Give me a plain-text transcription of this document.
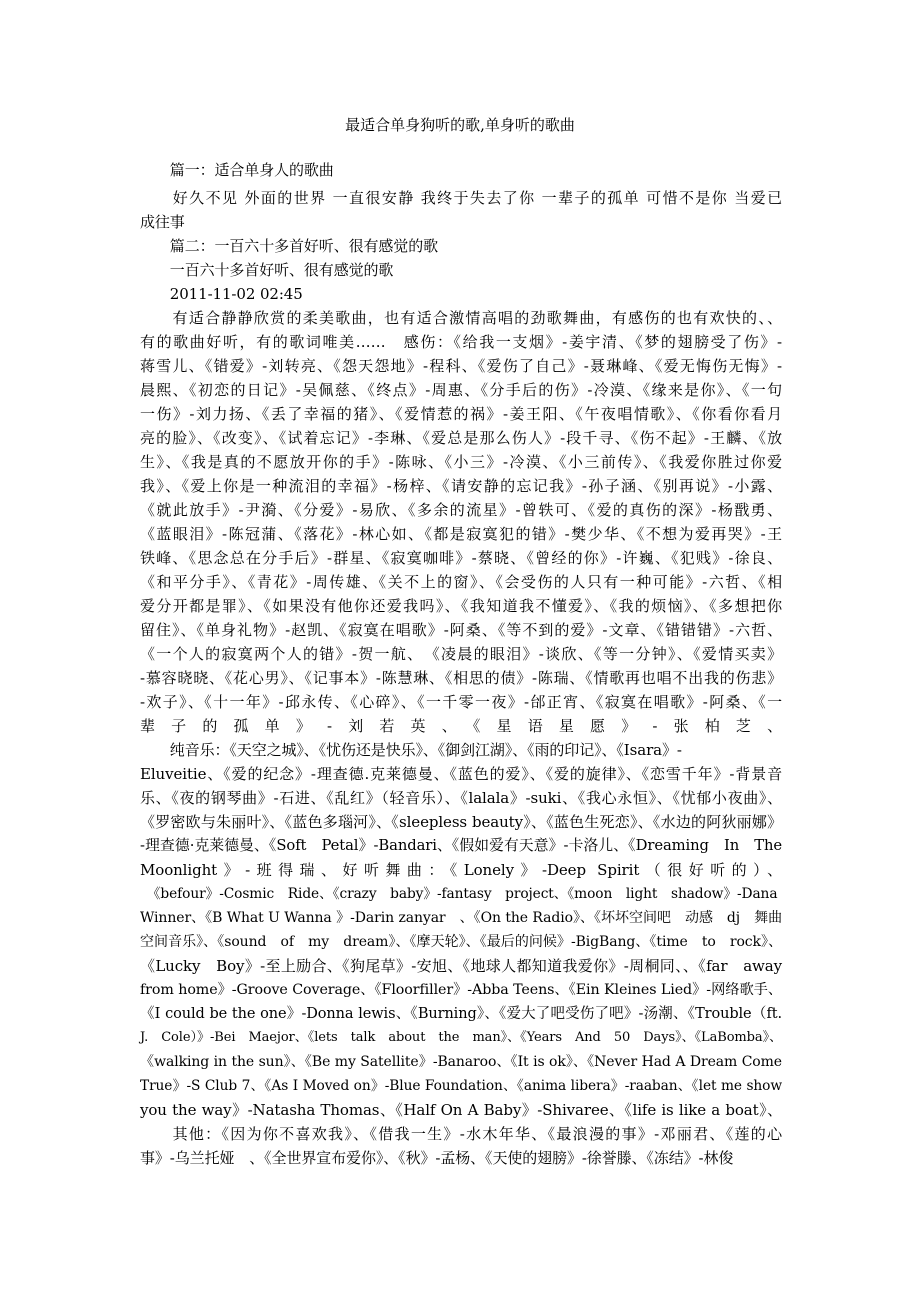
最适合单身狗听的歌,单身听的歌曲
　　篇一：适合单身人的歌曲
　　好久不见 外面的世界 一直很安静 我终于失去了你 一辈子的孤单 可惜不是你 当爱已
成往事
　　篇二：一百六十多首好听、很有感觉的歌
　　一百六十多首好听、很有感觉的歌
　　2011-11-02 02:45
　　有适合静静欣赏的柔美歌曲，也有适合激情高唱的劲歌舞曲，有感伤的也有欢快的、、
有的歌曲好听，有的歌词唯美……　感伤：《给我一支烟》-姜宇清、《梦的翅膀受了伤》-
蒋雪儿、《错爱》-刘转亮、《怨天怨地》-程科、《爱伤了自己》-聂琳峰、《爱无悔伤无悔》-
晨熙、《初恋的日记》-吴佩慈、《终点》-周惠、《分手后的伤》-冷漠、《缘来是你》、《一句
一伤》-刘力扬、《丢了幸福的猪》、《爱情惹的祸》-姜王阳、《午夜唱情歌》、《你看你看月
亮的脸》、《改变》、《试着忘记》-李琳、《爱总是那么伤人》-段千寻、《伤不起》-王麟、《放
生》、《我是真的不愿放开你的手》-陈咏、《小三》-冷漠、《小三前传》、《我爱你胜过你爱
我》、《爱上你是一种流泪的幸福》-杨梓、《请安静的忘记我》-孙子涵、《别再说》-小露、
《就此放手》-尹漪、《分爱》-易欣、《多余的流星》-曾轶可、《爱的真伤的深》-杨戬勇、
《蓝眼泪》-陈冠蒲、《落花》-林心如、《都是寂寞犯的错》-樊少华、《不想为爱再哭》-王
铁峰、《思念总在分手后》-群星、《寂寞咖啡》-蔡晓、《曾经的你》-许巍、《犯贱》-徐良、
《和平分手》、《青花》-周传雄、《关不上的窗》、《会受伤的人只有一种可能》-六哲、《相
爱分开都是罪》、《如果没有他你还爱我吗》、《我知道我不懂爱》、《我的烦恼》、《多想把你
留住》、《单身礼物》-赵凯、《寂寞在唱歌》-阿桑、《等不到的爱》-文章、《错错错》-六哲、
《一个人的寂寞两个人的错》-贺一航、　《凌晨的眼泪》-谈欣、《等一分钟》、《爱情买卖》
-慕容晓晓、《花心男》、《记事本》-陈慧琳、《相思的债》-陈瑞、《情歌再也唱不出我的伤悲》
-欢子》、《十一年》-邱永传、《心碎》、《一千零一夜》-邰正宵、《寂寞在唱歌》-阿桑、《一
辈子的孤单》-刘若英、《星语星愿》-张柏芝、
　　纯音乐：《天空之城》、《忧伤还是快乐》、《御剑江湖》、《雨的印记》、《Isara》-
Eluveitie、《爱的纪念》-理查德.克莱德曼、《蓝色的爱》、《爱的旋律》、《恋雪千年》-背景音
乐、《夜的钢琴曲》-石进、《乱红》（轻音乐）、《lalala》-suki、《我心永恒》、《忧郁小夜曲》、
《罗密欧与朱丽叶》、《蓝色多瑙河》、《sleepless beauty》、《蓝色生死恋》、《水边的阿狄丽娜》
-理查德·克莱德曼、《Soft　Petal》-Bandari、《假如爱有天意》-卡洛儿、《Dreaming　In　The
Moonlight》-班得瑞、好听舞曲：《Lonely》-Deep Spirit（很好听的）、
　《befour》-Cosmic　Ride、《crazy　baby》-fantasy　project、《moon　light　shadow》-Dana
Winner、《B What U Wanna 》-Darin zanyar　、《On the Radio》、《坏坏空间吧　动感　dj　舞曲
空间音乐》、《sound　of　my　dream》、《摩天轮》、《最后的问候》-BigBang、《time　to　rock》、
《Lucky　Boy》-至上励合、《狗尾草》-安旭、《地球人都知道我爱你》-周桐同、、《far　away
from home》-Groove Coverage、《Floorfiller》-Abba Teens、《Ein Kleines Lied》-网络歌手、
《I could be the one》-Donna lewis、《Burning》、《爱大了吧受伤了吧》-汤潮、《Trouble（ft.
J.　Cole）》-Bei　Maejor、《lets　talk　about　the　man》、《Years　And　50　Days》、《LaBomba》、
《walking in the sun》、《Be my Satellite》-Banaroo、《It is ok》、《Never Had A Dream Come
True》-S Club 7、《As I Moved on》-Blue Foundation、《anima libera》-raaban、《let me show
you the way》-Natasha Thomas、《Half On A Baby》-Shivaree、《life is like a boat》、
　　其他：《因为你不喜欢我》、《借我一生》-水木年华、《最浪漫的事》-邓丽君、《莲的心
事》-乌兰托娅　、《全世界宣布爱你》、《秋》-孟杨、《天使的翅膀》-徐誉滕、《冻结》-林俊
